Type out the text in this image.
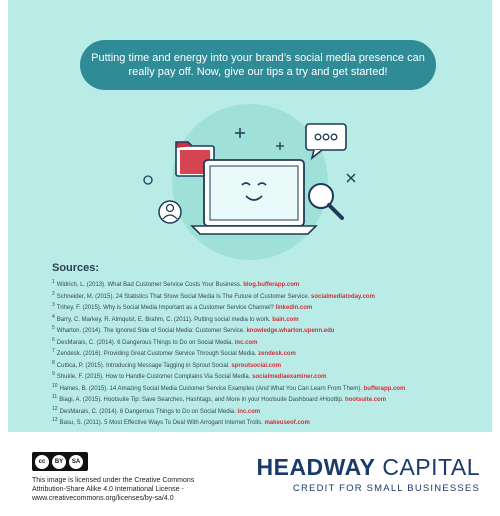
Putting time and energy into your brand’s social media presence can really pay off. Now, give our tips a try and get started!
Sources:
$^1$ Widrich, L. (2013). What Bad Customer Service Costs Your Business. blog.bufferapp.com
$^2$ Schneider, M. (2015). 24 Statistics That Show Social Media Is The Future of Customer Service. socialmediatoday.com
$^3$ Trihey, F. (2015). Why is Social Media Important as a Customer Service Channel? linkedin.com
$^4$ Barry, C. Markey, R. Almquist, E. Brahm, C. (2011). Putting social media to work. bain.com
$^5$ Wharton. (2014). The Ignored Side of Social Media: Customer Service. knowledge.wharton.upenn.edu
$^6$ DesMarais, C. (2014). 6 Dangerous Things to Do on Social Media. inc.com
$^7$ Zendesk. (2016). Providing Great Customer Service Through Social Media. zendesk.com
$^8$ Cuttica, P. (2015). Introducing Message Tagging in Sprout Social. sproutsocial.com
$^9$ Shukle, F. (2015). How to Handle Customer Complains Via Social Media. socialmediaexaminer.com
$^{10}$ Haines, B. (2015). 14 Amazing Social Media Customer Service Examples (And What You Can Learn From Them). bufferapp.com
$^{11}$ Biagi, A. (2015). Hootsuite Tip: Save Searches, Hashtags, and More in your Hootsuite Dashboard #Hoottip. hootsuite.com
$^{12}$ DesMarais, C. (2014). 6 Dangerous Things to Do on Social Media. inc.com
$^{13}$ Basu, S. (2011). 5 Most Effective Ways To Deal With Arrogant Internet Trolls. makeuseof.com
cc	BY	SA
This image is licensed under the Creative Commons
Attribution-Share Alike 4.0 International License -
www.creativecommons.org/licenses/by-sa/4.0
HEADWAY CAPITAL
CREDIT FOR SMALL BUSINESSES
